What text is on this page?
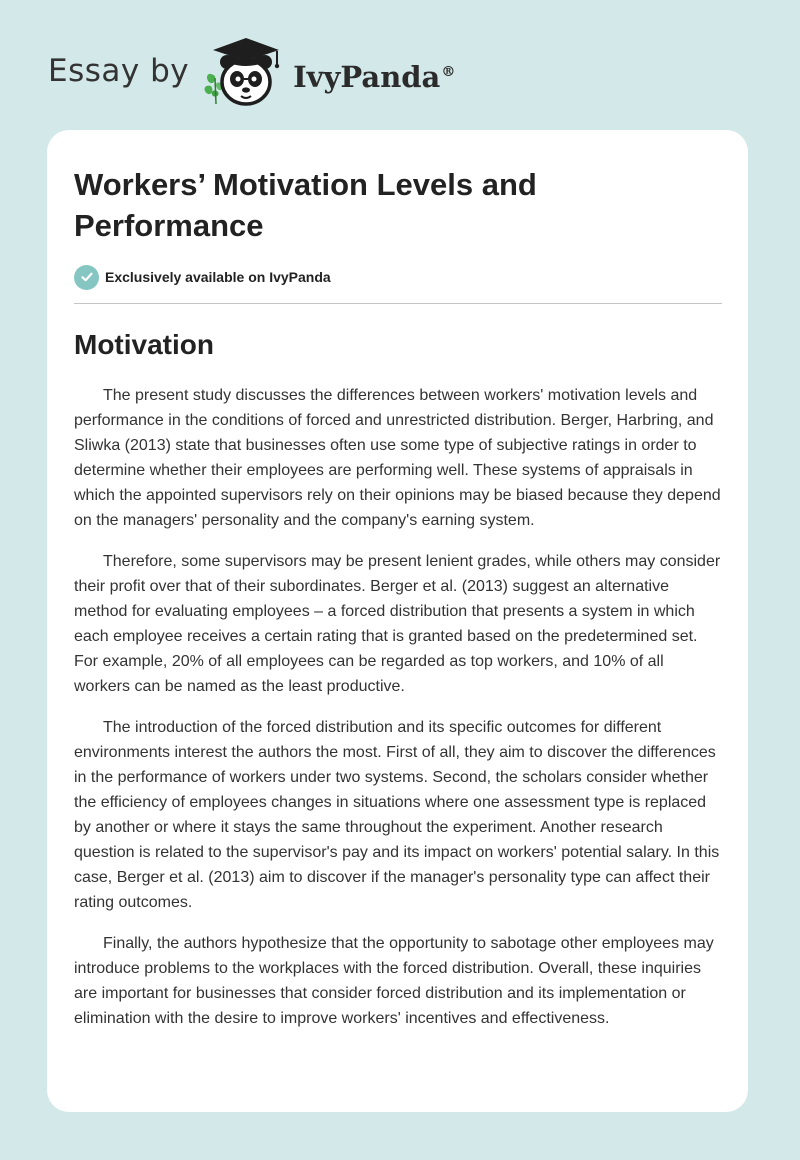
Essay by	IvyPanda®
Workers’ Motivation Levels and Performance
Exclusively available on IvyPanda
Motivation

The present study discusses the differences between workers' motivation levels and performance in the conditions of forced and unrestricted distribution. Berger, Harbring, and Sliwka (2013) state that businesses often use some type of subjective ratings in order to determine whether their employees are performing well. These systems of appraisals in which the appointed supervisors rely on their opinions may be biased because they depend on the managers' personality and the company's earning system.

Therefore, some supervisors may be present lenient grades, while others may consider their profit over that of their subordinates. Berger et al. (2013) suggest an alternative method for evaluating employees – a forced distribution that presents a system in which each employee receives a certain rating that is granted based on the predetermined set. For example, 20% of all employees can be regarded as top workers, and 10% of all workers can be named as the least productive.

The introduction of the forced distribution and its specific outcomes for different environments interest the authors the most. First of all, they aim to discover the differences in the performance of workers under two systems. Second, the scholars consider whether the efficiency of employees changes in situations where one assessment type is replaced by another or where it stays the same throughout the experiment. Another research question is related to the supervisor's pay and its impact on workers' potential salary. In this case, Berger et al. (2013) aim to discover if the manager's personality type can affect their rating outcomes.

Finally, the authors hypothesize that the opportunity to sabotage other employees may introduce problems to the workplaces with the forced distribution. Overall, these inquiries are important for businesses that consider forced distribution and its implementation or elimination with the desire to improve workers' incentives and effectiveness.
